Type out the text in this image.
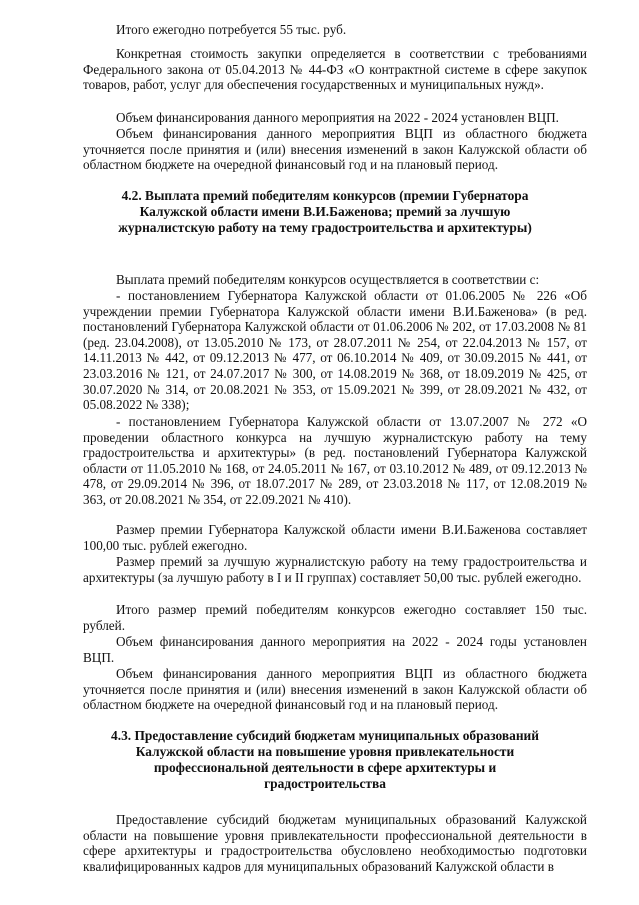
Итого ежегодно потребуется 55 тыс. руб.

Конкретная стоимость закупки определяется в соответствии с требованиями Федерального закона от 05.04.2013 № 44-ФЗ «О контрактной системе в сфере закупок товаров, работ, услуг для обеспечения государственных и муниципальных нужд».

Объем финансирования данного мероприятия на 2022 - 2024 установлен ВЦП.

Объем финансирования данного мероприятия ВЦП из областного бюджета уточняется после принятия и (или) внесения изменений в закон Калужской области об областном бюджете на очередной финансовый год и на плановый период.

4.2. Выплата премий победителям конкурсов (премии Губернатора Калужской области имени В.И.Баженова; премий за лучшую журналистскую работу на тему градостроительства и архитектуры)

Выплата премий победителям конкурсов осуществляется в соответствии с:

- постановлением Губернатора Калужской области от 01.06.2005 № 226 «Об учреждении премии Губернатора Калужской области имени В.И.Баженова» (в ред. постановлений Губернатора Калужской области от 01.06.2006 № 202, от 17.03.2008 № 81 (ред. 23.04.2008), от 13.05.2010 № 173, от 28.07.2011 № 254, от 22.04.2013 № 157, от 14.11.2013 № 442, от 09.12.2013 № 477, от 06.10.2014 № 409, от 30.09.2015 № 441, от 23.03.2016 № 121, от 24.07.2017 № 300, от 14.08.2019 № 368, от 18.09.2019 № 425, от 30.07.2020 № 314, от 20.08.2021 № 353, от 15.09.2021 № 399, от 28.09.2021 № 432, от 05.08.2022 № 338);

- постановлением Губернатора Калужской области от 13.07.2007 № 272 «О проведении областного конкурса на лучшую журналистскую работу на тему градостроительства и архитектуры» (в ред. постановлений Губернатора Калужской области от 11.05.2010 № 168, от 24.05.2011 № 167, от 03.10.2012 № 489, от 09.12.2013 № 478, от 29.09.2014 № 396, от 18.07.2017 № 289, от 23.03.2018 № 117, от 12.08.2019 № 363, от 20.08.2021 № 354, от 22.09.2021 № 410).

Размер премии Губернатора Калужской области имени В.И.Баженова составляет 100,00 тыс. рублей ежегодно.

Размер премий за лучшую журналистскую работу на тему градостроительства и архитектуры (за лучшую работу в I и II группах) составляет 50,00 тыс. рублей ежегодно.

Итого размер премий победителям конкурсов ежегодно составляет 150 тыс. рублей.

Объем финансирования данного мероприятия на 2022 - 2024 годы установлен ВЦП.

Объем финансирования данного мероприятия ВЦП из областного бюджета уточняется после принятия и (или) внесения изменений в закон Калужской области об областном бюджете на очередной финансовый год и на плановый период.

4.3. Предоставление субсидий бюджетам муниципальных образований Калужской области на повышение уровня привлекательности профессиональной деятельности в сфере архитектуры и градостроительства

Предоставление субсидий бюджетам муниципальных образований Калужской области на повышение уровня привлекательности профессиональной деятельности в сфере архитектуры и градостроительства обусловлено необходимостью подготовки квалифицированных кадров для муниципальных образований Калужской области в
